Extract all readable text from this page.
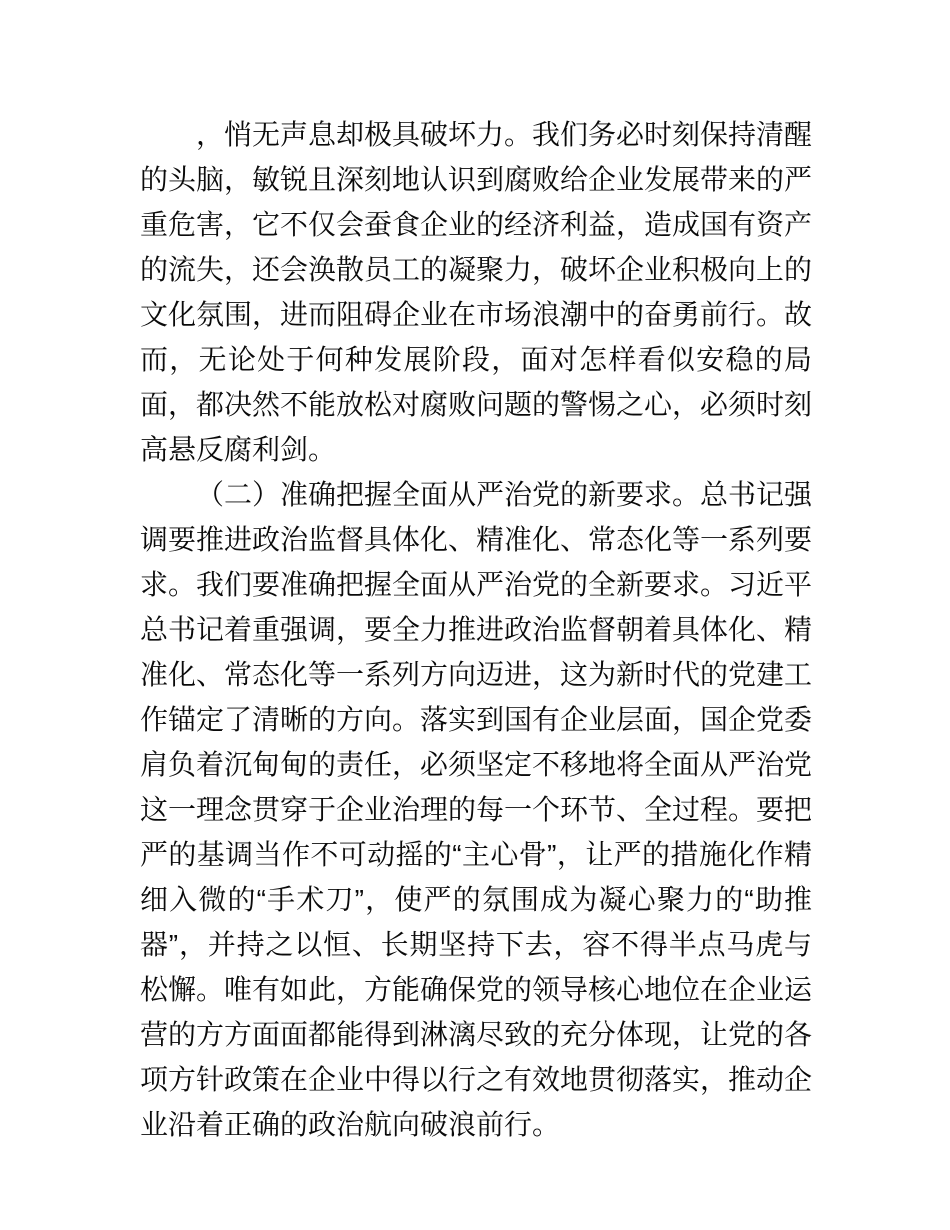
，悄无声息却极具破坏力。我们务必时刻保持清醒的头脑，敏锐且深刻地认识到腐败给企业发展带来的严重危害，它不仅会蚕食企业的经济利益，造成国有资产的流失，还会涣散员工的凝聚力，破坏企业积极向上的文化氛围，进而阻碍企业在市场浪潮中的奋勇前行。故而，无论处于何种发展阶段，面对怎样看似安稳的局面，都决然不能放松对腐败问题的警惕之心，必须时刻高悬反腐利剑。

（二）准确把握全面从严治党的新要求。总书记强调要推进政治监督具体化、精准化、常态化等一系列要求。我们要准确把握全面从严治党的全新要求。习近平总书记着重强调，要全力推进政治监督朝着具体化、精准化、常态化等一系列方向迈进，这为新时代的党建工作锚定了清晰的方向。落实到国有企业层面，国企党委肩负着沉甸甸的责任，必须坚定不移地将全面从严治党这一理念贯穿于企业治理的每一个环节、全过程。要把严的基调当作不可动摇的“主心骨”，让严的措施化作精细入微的“手术刀”，使严的氛围成为凝心聚力的“助推器”，并持之以恒、长期坚持下去，容不得半点马虎与松懈。唯有如此，方能确保党的领导核心地位在企业运营的方方面面都能得到淋漓尽致的充分体现，让党的各项方针政策在企业中得以行之有效地贯彻落实，推动企业沿着正确的政治航向破浪前行。
